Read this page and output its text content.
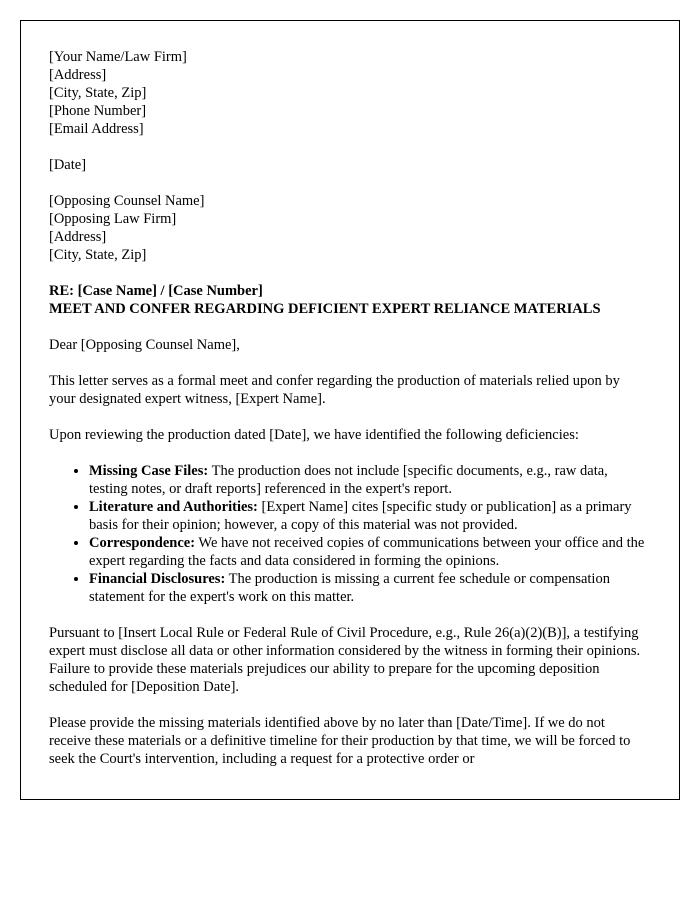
[Your Name/Law Firm]
[Address]
[City, State, Zip]
[Phone Number]
[Email Address]

[Date]

[Opposing Counsel Name]
[Opposing Law Firm]
[Address]
[City, State, Zip]
RE: [Case Name] / [Case Number]
MEET AND CONFER REGARDING DEFICIENT EXPERT RELIANCE MATERIALS

Dear [Opposing Counsel Name],

This letter serves as a formal meet and confer regarding the production of materials relied upon by your designated expert witness, [Expert Name].

Upon reviewing the production dated [Date], we have identified the following deficiencies:

• Missing Case Files: The production does not include [specific documents, e.g., raw data, testing notes, or draft reports] referenced in the expert's report.
• Literature and Authorities: [Expert Name] cites [specific study or publication] as a primary basis for their opinion; however, a copy of this material was not provided.
• Correspondence: We have not received copies of communications between your office and the expert regarding the facts and data considered in forming the opinions.
• Financial Disclosures: The production is missing a current fee schedule or compensation statement for the expert's work on this matter.

Pursuant to [Insert Local Rule or Federal Rule of Civil Procedure, e.g., Rule 26(a)(2)(B)], a testifying expert must disclose all data or other information considered by the witness in forming their opinions. Failure to provide these materials prejudices our ability to prepare for the upcoming deposition scheduled for [Deposition Date].

Please provide the missing materials identified above by no later than [Date/Time]. If we do not receive these materials or a definitive timeline for their production by that time, we will be forced to seek the Court's intervention, including a request for a protective order or
